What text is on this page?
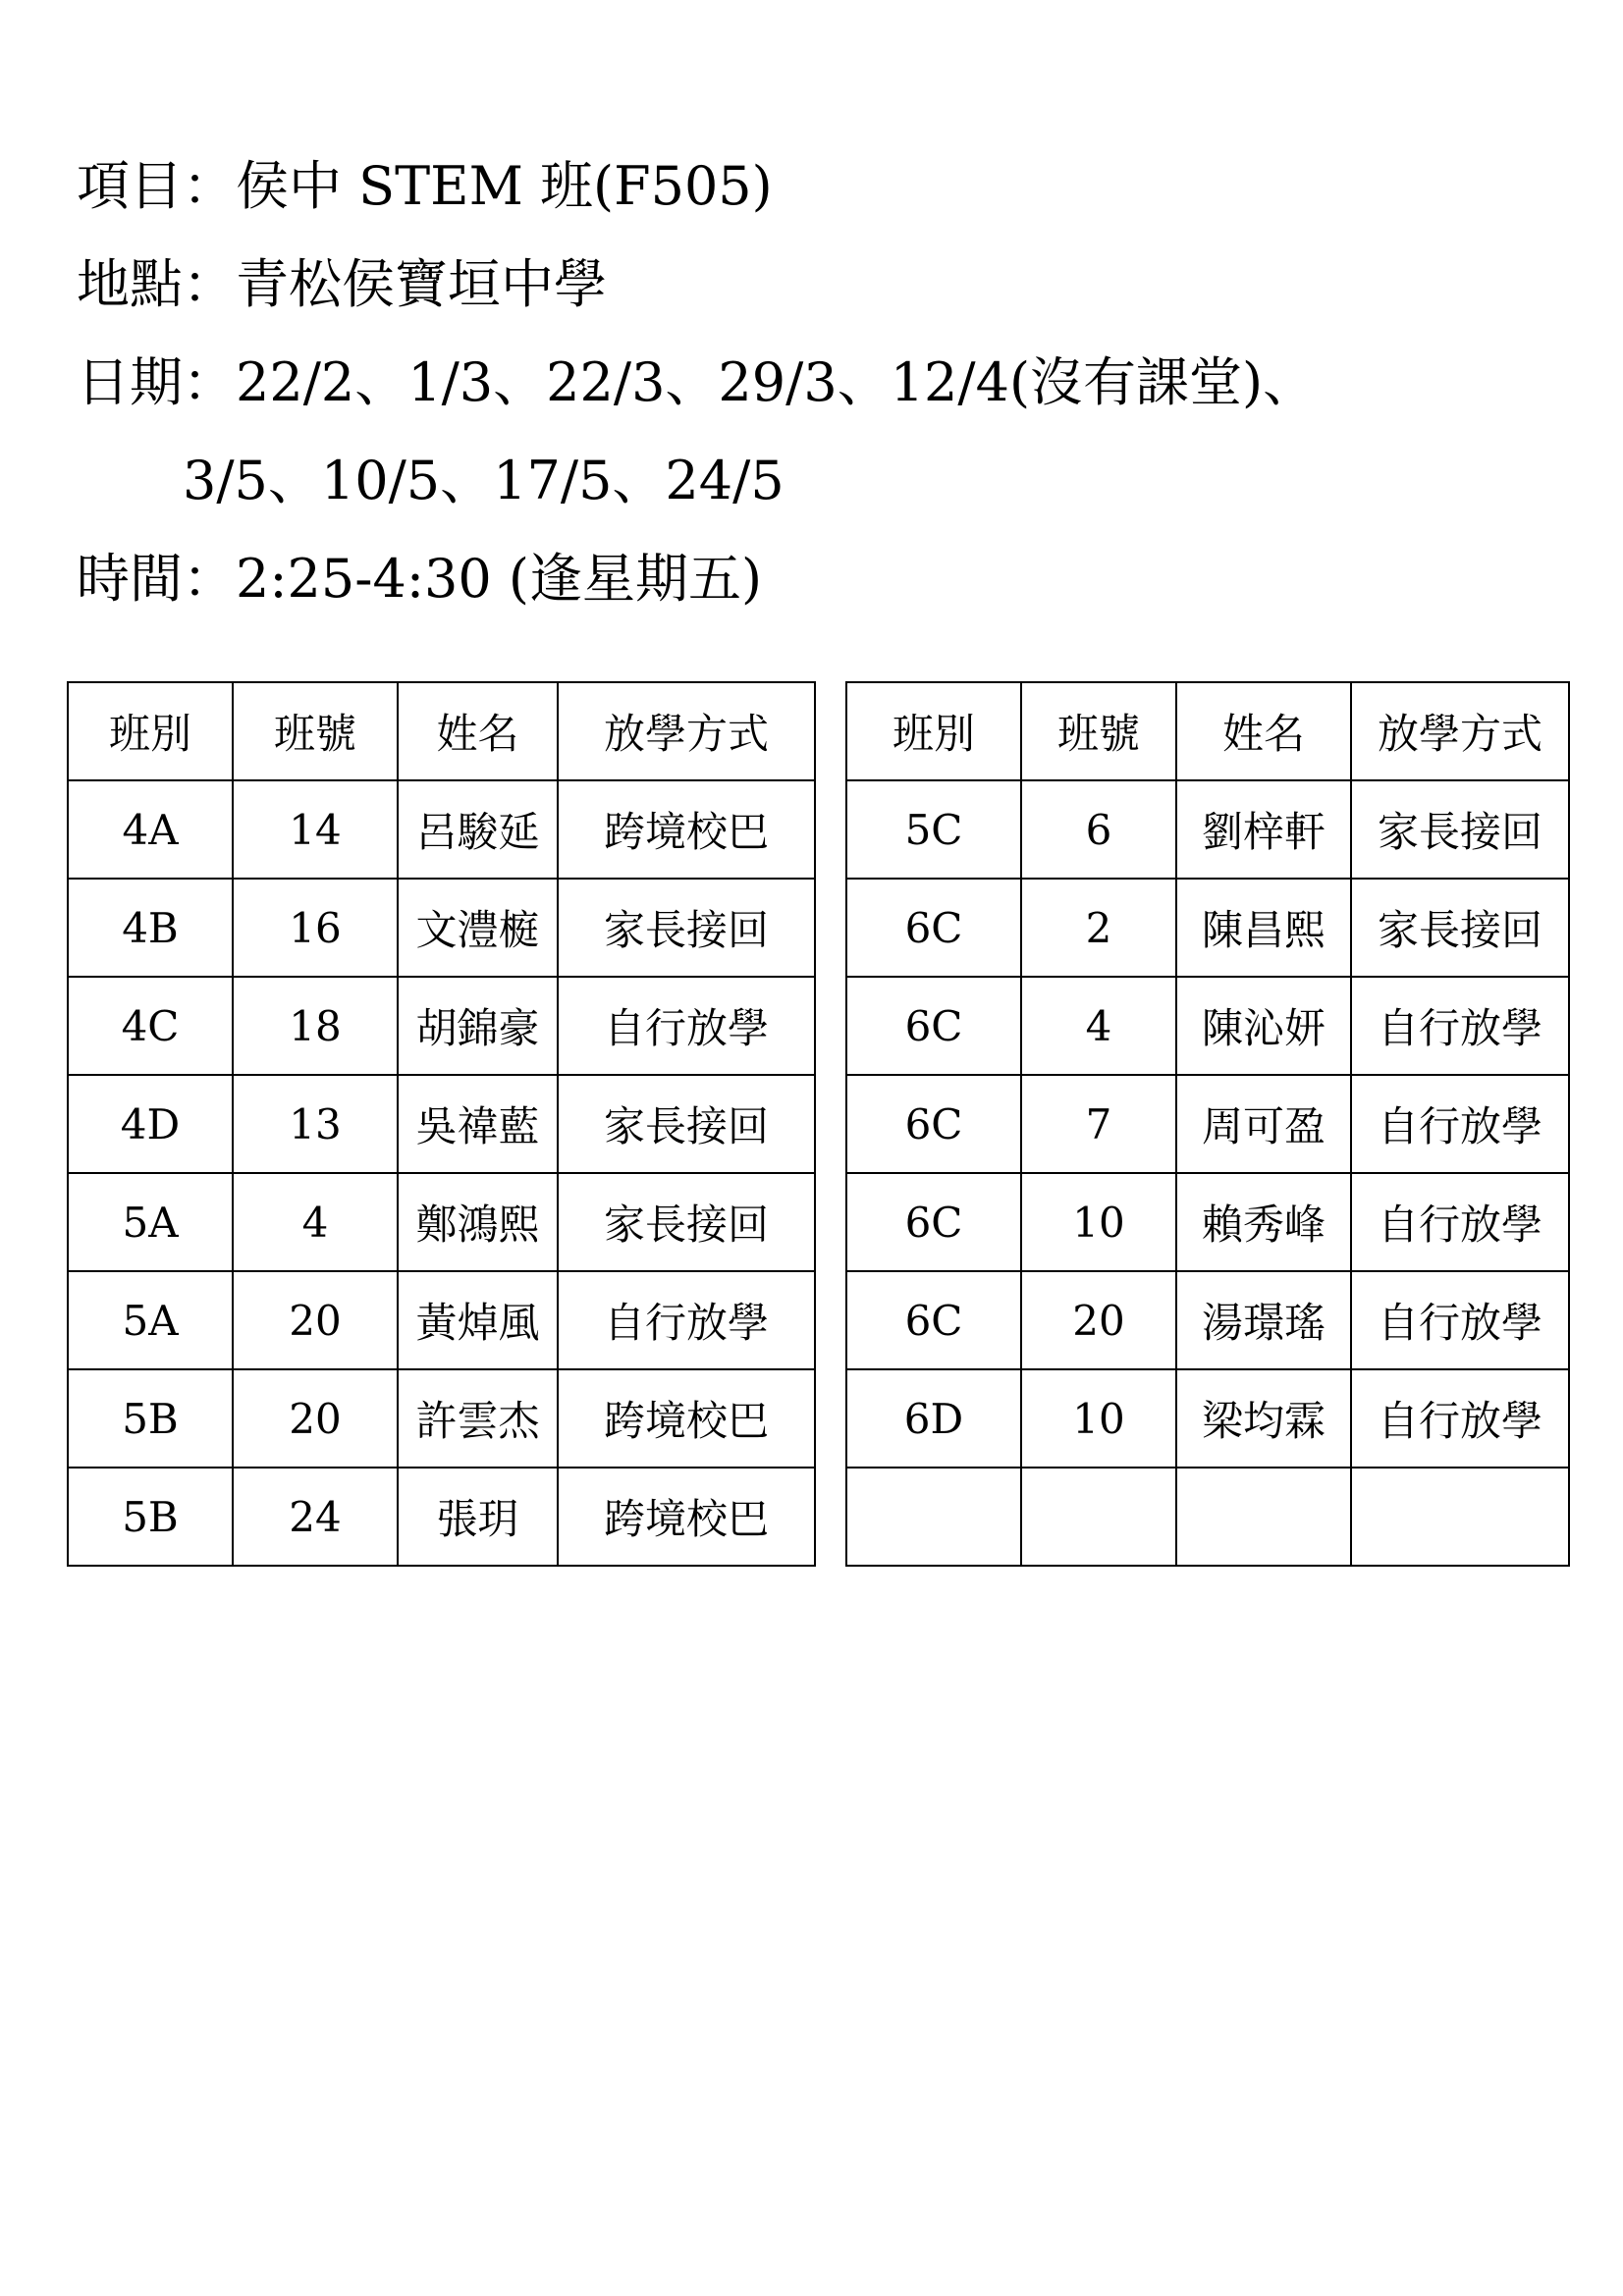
項目：侯中 STEM 班(F505)
地點：青松侯寶垣中學
日期：22/2、1/3、22/3、29/3、12/4(沒有課堂)、
3/5、10/5、17/5、24/5
時間：2:25-4:30 (逢星期五)
班別	班號	姓名	放學方式
4A	14	呂駿延	跨境校巴
4B	16	文澧榳	家長接回
4C	18	胡錦豪	自行放學
4D	13	吳禕藍	家長接回
5A	4	鄭鴻熙	家長接回
5A	20	黃焯風	自行放學
5B	20	許雲杰	跨境校巴
5B	24	張玥	跨境校巴
班別	班號	姓名	放學方式
5C	6	劉梓軒	家長接回
6C	2	陳昌熙	家長接回
6C	4	陳沁妍	自行放學
6C	7	周可盈	自行放學
6C	10	賴秀峰	自行放學
6C	20	湯璟瑤	自行放學
6D	10	梁均霖	自行放學
